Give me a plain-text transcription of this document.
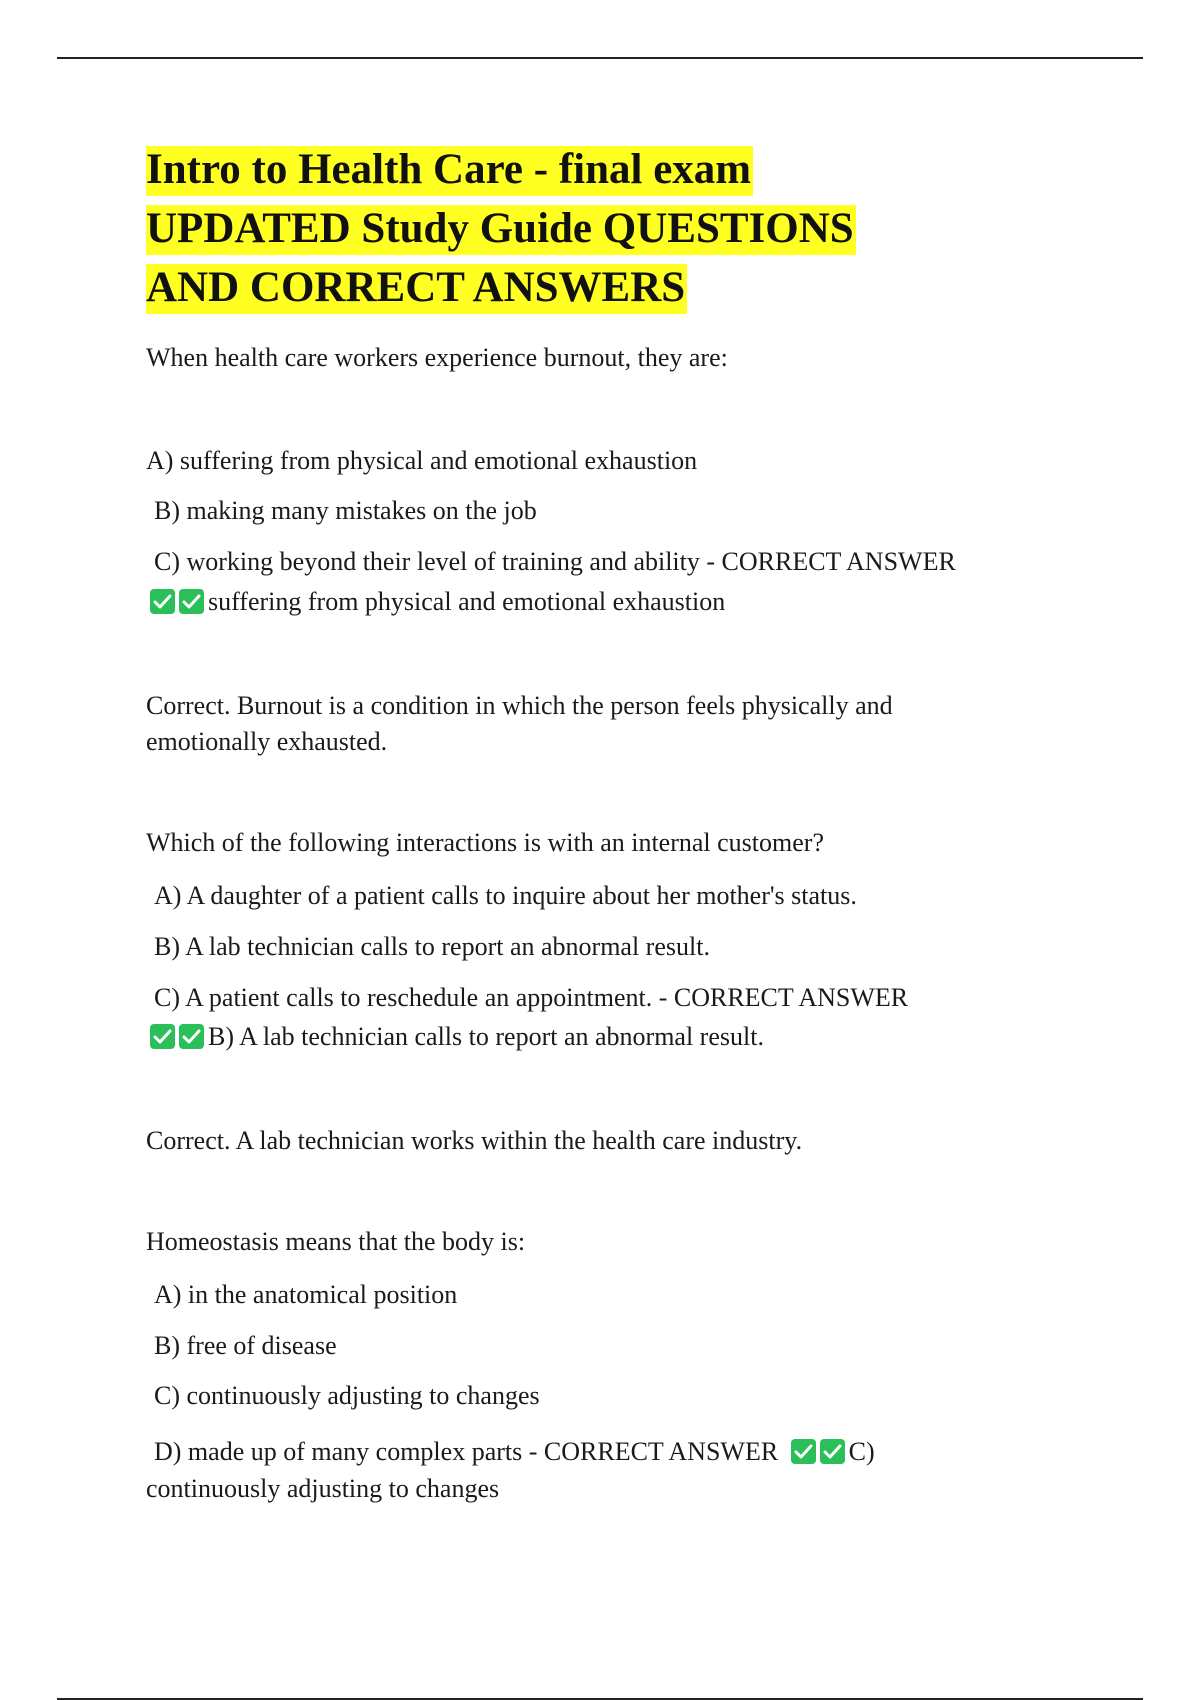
Intro to Health Care - final exam
UPDATED Study Guide QUESTIONS
AND CORRECT ANSWERS

When health care workers experience burnout, they are:

A) suffering from physical and emotional exhaustion

B) making many mistakes on the job

C) working beyond their level of training and ability - CORRECT ANSWER

suffering from physical and emotional exhaustion

Correct. Burnout is a condition in which the person feels physically and

emotionally exhausted.

Which of the following interactions is with an internal customer?

A) A daughter of a patient calls to inquire about her mother's status.

B) A lab technician calls to report an abnormal result.

C) A patient calls to reschedule an appointment. - CORRECT ANSWER

B) A lab technician calls to report an abnormal result.

Correct. A lab technician works within the health care industry.

Homeostasis means that the body is:

A) in the anatomical position

B) free of disease

C) continuously adjusting to changes

D) made up of many complex parts - CORRECT ANSWER	C)

continuously adjusting to changes
